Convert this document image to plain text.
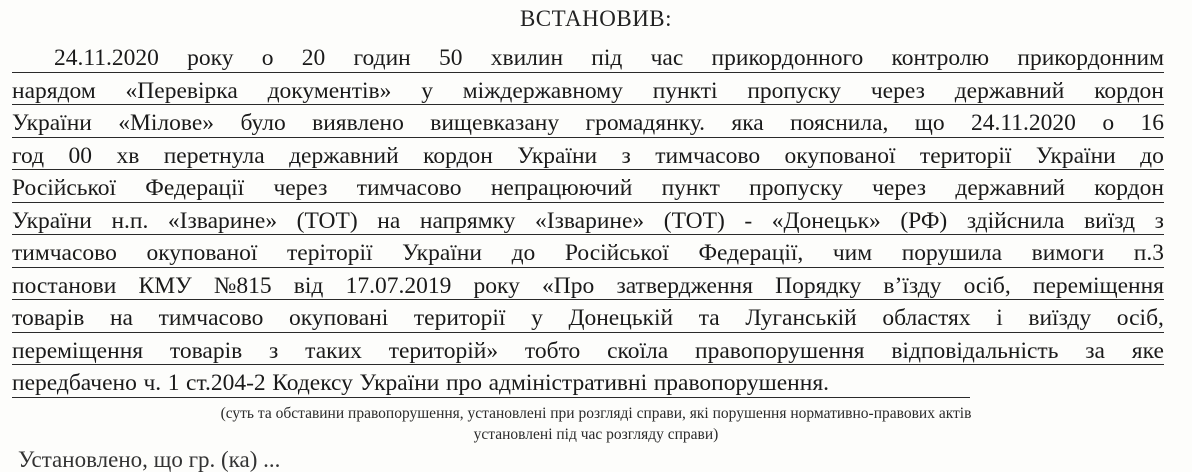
ВСТАНОВИВ:
24.11.2020 року о 20 годин 50 хвилин під час прикордонного контролю прикордонним
нарядом «Перевірка документів» у міждержавному пункті пропуску через державний кордон
України «Мілове» було виявлено вищевказану громадянку. яка пояснила, що 24.11.2020 о 16
год 00 хв перетнула державний кордон України з тимчасово окупованої території України до
Російської Федерації через тимчасово непрацюючий пункт пропуску через державний кордон
України н.п. «Ізварине» (ТОТ) на напрямку «Ізварине» (ТОТ) - «Донецьк» (РФ) здійснила виїзд з
тимчасово окупованої теріторії України до Російської Федерації, чим порушила вимоги п.3
постанови КМУ №815 від 17.07.2019 року «Про затвердження Порядку в’їзду осіб, переміщення
товарів на тимчасово окуповані території у Донецькій та Луганській областях і виїзду осіб,
переміщення товарів з таких територій» тобто скоїла правопорушення відповідальність за яке
передбачено ч. 1 ст.204-2 Кодексу України про адміністративні правопорушення.
(суть та обставини правопорушення, установлені при розгляді справи, які порушення нормативно-правових актів
установлені під час розгляду справи)
Установлено, що гр. (ка) ...
